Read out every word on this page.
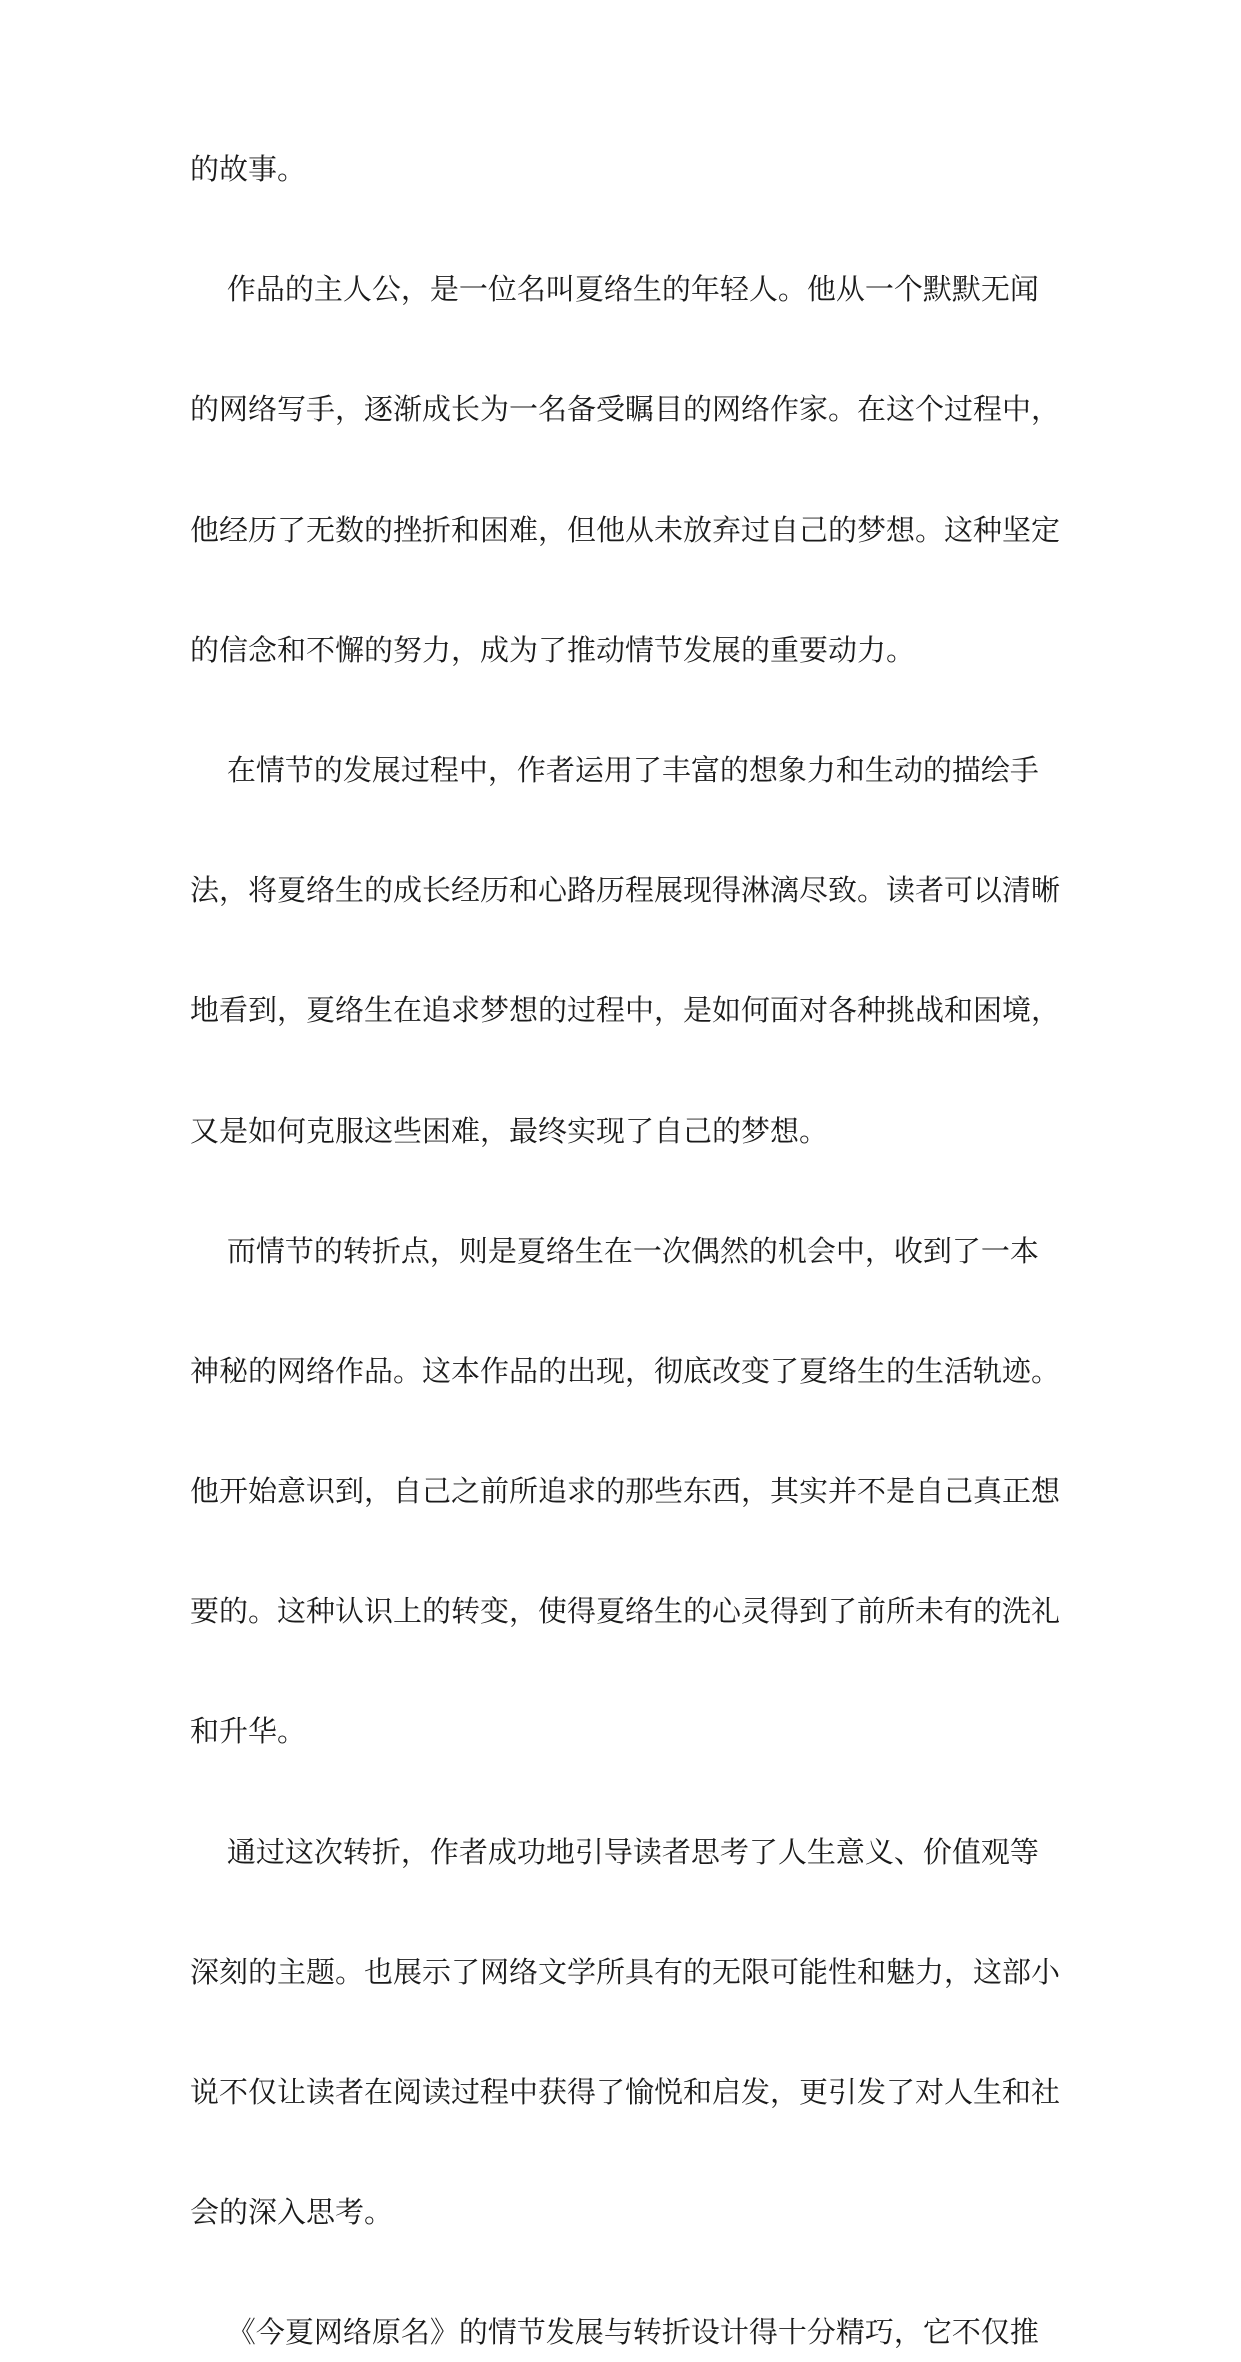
的故事。
作品的主人公，是一位名叫夏络生的年轻人。他从一个默默无闻
的网络写手，逐渐成长为一名备受瞩目的网络作家。在这个过程中，
他经历了无数的挫折和困难，但他从未放弃过自己的梦想。这种坚定
的信念和不懈的努力，成为了推动情节发展的重要动力。
在情节的发展过程中，作者运用了丰富的想象力和生动的描绘手
法，将夏络生的成长经历和心路历程展现得淋漓尽致。读者可以清晰
地看到，夏络生在追求梦想的过程中，是如何面对各种挑战和困境，
又是如何克服这些困难，最终实现了自己的梦想。
而情节的转折点，则是夏络生在一次偶然的机会中，收到了一本
神秘的网络作品。这本作品的出现，彻底改变了夏络生的生活轨迹。
他开始意识到，自己之前所追求的那些东西，其实并不是自己真正想
要的。这种认识上的转变，使得夏络生的心灵得到了前所未有的洗礼
和升华。
通过这次转折，作者成功地引导读者思考了人生意义、价值观等
深刻的主题。也展示了网络文学所具有的无限可能性和魅力，这部小
说不仅让读者在阅读过程中获得了愉悦和启发，更引发了对人生和社
会的深入思考。
《今夏网络原名》的情节发展与转折设计得十分精巧，它不仅推
